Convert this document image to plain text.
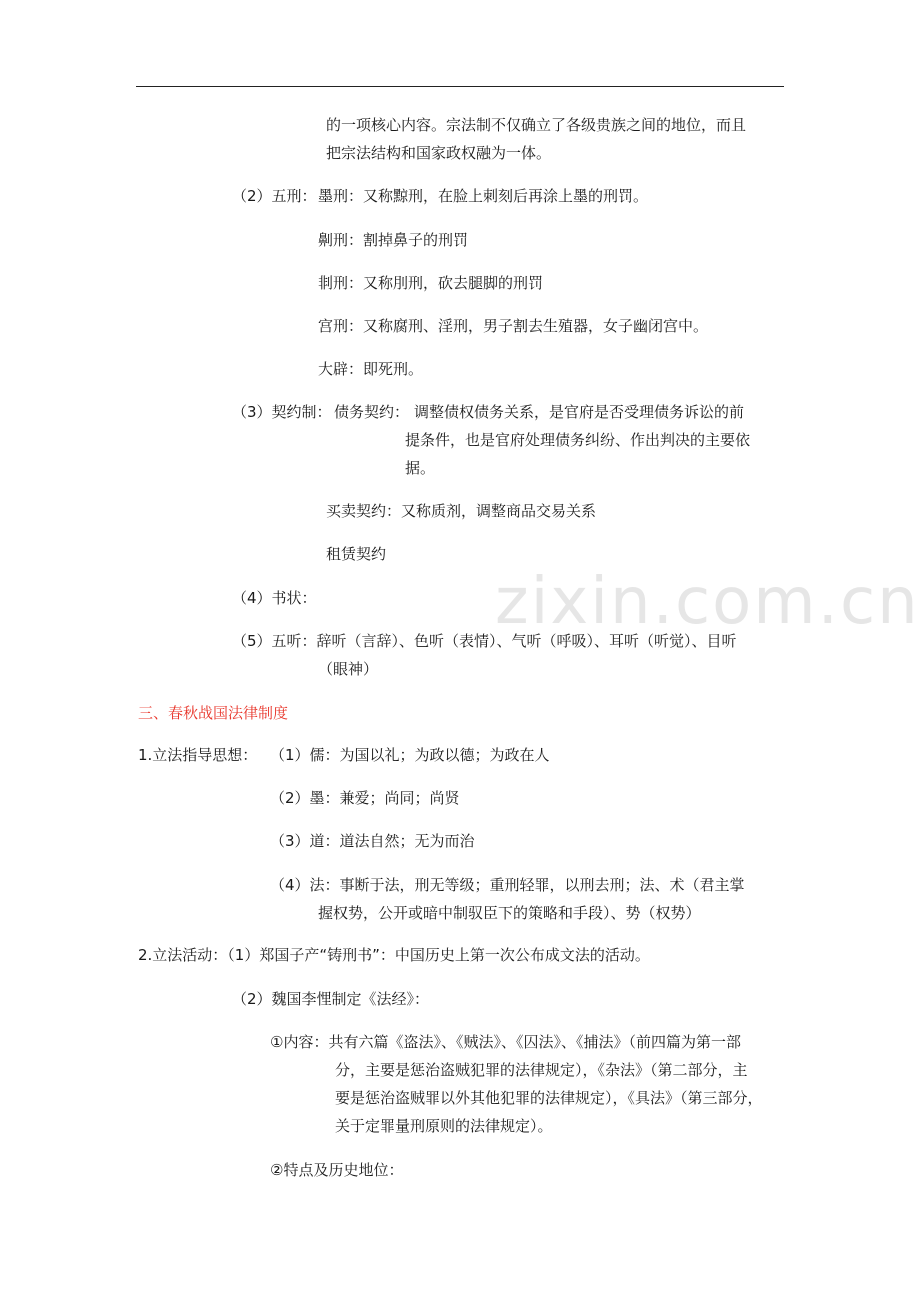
zixin.com.cn
的一项核心内容。宗法制不仅确立了各级贵族之间的地位，而且
把宗法结构和国家政权融为一体。
（2）五刑： 墨刑：又称黥刑，在脸上刺刻后再涂上墨的刑罚。
劓刑：割掉鼻子的刑罚
剕刑：又称刖刑，砍去腿脚的刑罚
宫刑：又称腐刑、淫刑，男子割去生殖器，女子幽闭宫中。
大辟：即死刑。
（3）契约制： 债务契约： 调整债权债务关系，是官府是否受理债务诉讼的前
提条件，也是官府处理债务纠纷、作出判决的主要依
据。
买卖契约：又称质剂，调整商品交易关系
租赁契约
（4）书状：
（5）五听：辞听（言辞）、色听（表情）、气听（呼吸）、耳听（听觉）、目听
（眼神）
三、春秋战国法律制度
1.立法指导思想： （1）儒：为国以礼；为政以德；为政在人
（2）墨：兼爱；尚同；尚贤
（3）道：道法自然；无为而治
（4）法：事断于法，刑无等级；重刑轻罪，以刑去刑；法、术（君主掌
握权势，公开或暗中制驭臣下的策略和手段）、势（权势）
2.立法活动：（1）郑国子产“铸刑书”：中国历史上第一次公布成文法的活动。
（2）魏国李悝制定《法经》：
①内容：共有六篇《盗法》、《贼法》、《囚法》、《捕法》（前四篇为第一部
分，主要是惩治盗贼犯罪的法律规定），《杂法》（第二部分，主
要是惩治盗贼罪以外其他犯罪的法律规定），《具法》（第三部分，
关于定罪量刑原则的法律规定）。
②特点及历史地位：
